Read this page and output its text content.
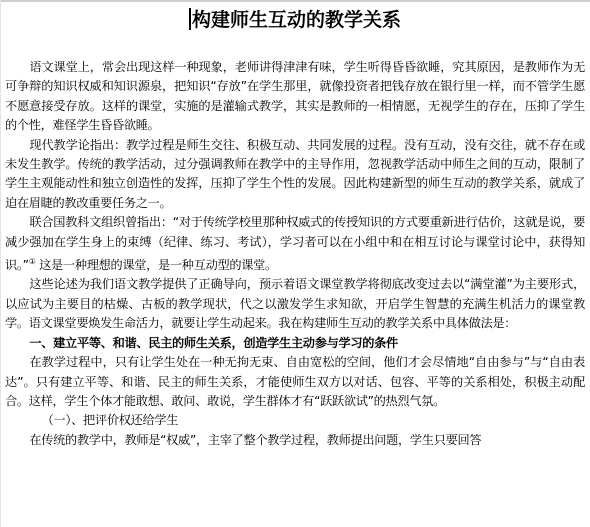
构建师生互动的教学关系

语文课堂上，常会出现这样一种现象，老师讲得津津有味，学生听得昏昏欲睡，究其原因，是教师作为无可争辩的知识权威和知识源泉，把知识“存放”在学生那里，就像投资者把钱存放在银行里一样，而不管学生愿不愿意接受存放。这样的课堂，实施的是灌输式教学，其实是教师的一相情愿，无视学生的存在，压抑了学生的个性，难怪学生昏昏欲睡。

现代教学论指出：教学过程是师生交往、积极互动、共同发展的过程。没有互动，没有交往，就不存在或未发生教学。传统的教学活动，过分强调教师在教学中的主导作用，忽视教学活动中师生之间的互动，限制了学生主观能动性和独立创造性的发挥，压抑了学生个性的发展。因此构建新型的师生互动的教学关系，就成了迫在眉睫的教改重要任务之一。

联合国教科文组织曾指出：“对于传统学校里那种权威式的传授知识的方式要重新进行估价，这就是说，要减少强加在学生身上的束缚（纪律、练习、考试），学习者可以在小组中和在相互讨论与课堂讨论中，获得知识。”① 这是一种理想的课堂，是一种互动型的课堂。

这些论述为我们语文教学提供了正确导向，预示着语文课堂教学将彻底改变过去以“满堂灌”为主要形式，以应试为主要目的枯燥、古板的教学现状，代之以激发学生求知欲，开启学生智慧的充满生机活力的课堂教学。语文课堂要焕发生命活力，就要让学生动起来。我在构建师生互动的教学关系中具体做法是：

一、建立平等、和谐、民主的师生关系，创造学生主动参与学习的条件

在教学过程中，只有让学生处在一种无拘无束、自由宽松的空间，他们才会尽情地“自由参与”与“自由表达”。只有建立平等、和谐、民主的师生关系，才能使师生双方以对话、包容、平等的关系相处，积极主动配合。这样，学生个体才能敢想、敢问、敢说，学生群体才有“跃跃欲试”的热烈气氛。

（一）、把评价权还给学生

在传统的教学中，教师是“权威”，主宰了整个教学过程，教师提出问题，学生只要回答
